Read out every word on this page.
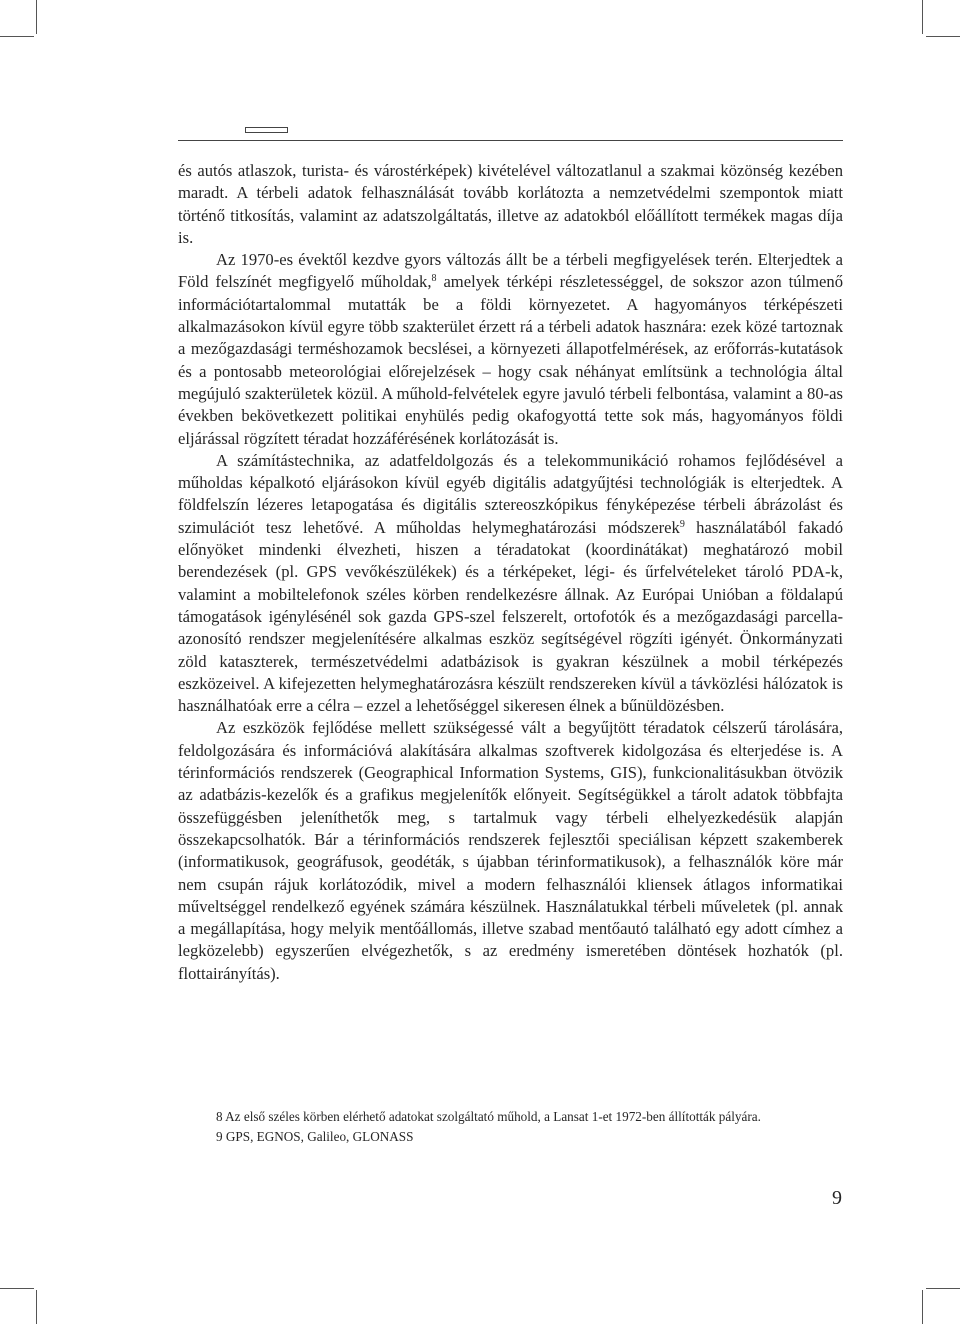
és autós atlaszok, turista- és várostérképek) kivételével változatlanul a szakmai közönség kezében maradt. A térbeli adatok felhasználását tovább korlátozta a nemzetvédelmi szempontok miatt történő titkosítás, valamint az adatszolgáltatás, illetve az adatokból előállított termékek magas díja is.

Az 1970-es évektől kezdve gyors változás állt be a térbeli megfigyelések terén. Elterjedtek a Föld felszínét megfigyelő műholdak,$^8$ amelyek térképi részletességgel, de sokszor azon túlmenő információtartalommal mutatták be a földi környezetet. A hagyományos térképészeti alkalmazásokon kívül egyre több szakterület érzett rá a térbeli adatok hasznára: ezek közé tartoznak a mezőgazdasági terméshozamok becslései, a környezeti állapotfelmérések, az erőforrás-kutatások és a pontosabb meteorológiai előrejelzések – hogy csak néhányat említsünk a technológia által megújuló szakterületek közül. A műhold-felvételek egyre javuló térbeli felbontása, valamint a 80-as években bekövetkezett politikai enyhülés pedig okafogyottá tette sok más, hagyományos földi eljárással rögzített téradat hozzáférésének korlátozását is.

A számítástechnika, az adatfeldolgozás és a telekommunikáció rohamos fejlődésével a műholdas képalkotó eljárásokon kívül egyéb digitális adatgyűjtési technológiák is elterjedtek. A földfelszín lézeres letapogatása és digitális sztereoszkópikus fényképezése térbeli ábrázolást és szimulációt tesz lehetővé. A műholdas helymeghatározási módszerek$^9$ használatából fakadó előnyöket mindenki élvezheti, hiszen a téradatokat (koordinátákat) meghatározó mobil berendezések (pl. GPS vevőkészülékek) és a térképeket, légi- és űrfelvételeket tároló PDA-k, valamint a mobiltelefonok széles körben rendelkezésre állnak. Az Európai Unióban a földalapú támogatások igénylésénél sok gazda GPS-szel felszerelt, ortofotók és a mezőgazdasági parcella-azonosító rendszer megjelenítésére alkalmas eszköz segítségével rögzíti igényét. Önkormányzati zöld kataszterek, természetvédelmi adatbázisok is gyakran készülnek a mobil térképezés eszközeivel. A kifejezetten helymeghatározásra készült rendszereken kívül a távközlési hálózatok is használhatóak erre a célra – ezzel a lehetőséggel sikeresen élnek a bűnüldözésben.

Az eszközök fejlődése mellett szükségessé vált a begyűjtött téradatok célszerű tárolására, feldolgozására és információvá alakítására alkalmas szoftverek kidolgozása és elterjedése is. A térinformációs rendszerek (Geographical Information Systems, GIS), funkcionalitásukban ötvözik az adatbázis-kezelők és a grafikus megjelenítők előnyeit. Segítségükkel a tárolt adatok többfajta összefüggésben jeleníthetők meg, s tartalmuk vagy térbeli elhelyezkedésük alapján összekapcsolhatók. Bár a térinformációs rendszerek fejlesztői speciálisan képzett szakemberek (informatikusok, geográfusok, geodéták, s újabban térinformatikusok), a felhasználók köre már nem csupán rájuk korlátozódik, mivel a modern felhasználói kliensek átlagos informatikai műveltséggel rendelkező egyének számára készülnek. Használatukkal térbeli műveletek (pl. annak a megállapítása, hogy melyik mentőállomás, illetve szabad mentőautó található egy adott címhez a legközelebb) egyszerűen elvégezhetők, s az eredmény ismeretében döntések hozhatók (pl. flottairányítás).

8 Az első széles körben elérhető adatokat szolgáltató műhold, a Lansat 1-et 1972-ben állították pályára.

9 GPS, EGNOS, Galileo, GLONASS

9
